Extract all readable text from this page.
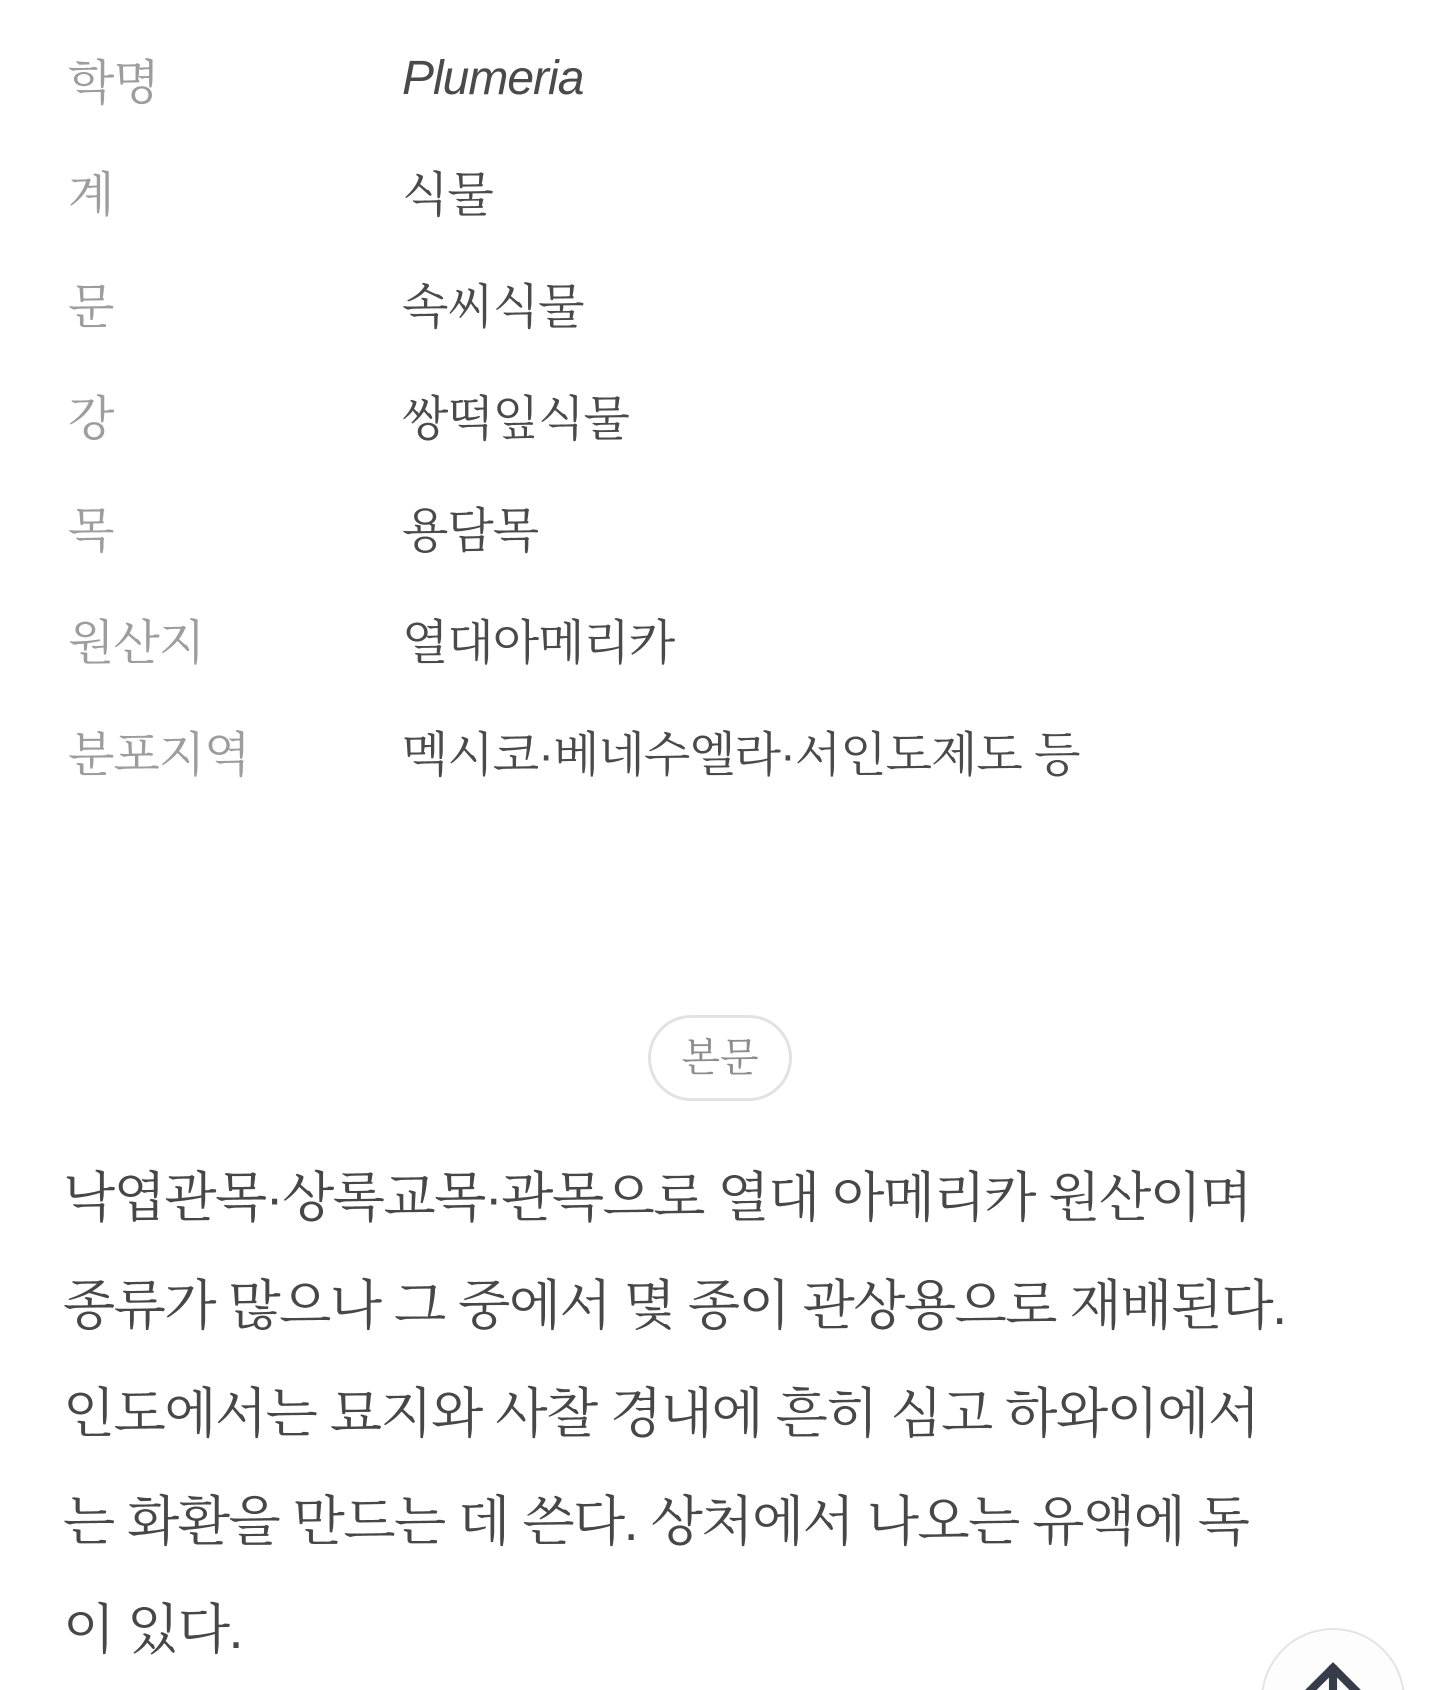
학명	Plumeria
계	식물
문	속씨식물
강	쌍떡잎식물
목	용담목
원산지	열대아메리카
분포지역	멕시코·베네수엘라·서인도제도 등
본문
낙엽관목·상록교목·관목으로 열대 아메리카 원산이며
종류가 많으나 그 중에서 몇 종이 관상용으로 재배된다.
인도에서는 묘지와 사찰 경내에 흔히 심고 하와이에서
는 화환을 만드는 데 쓴다. 상처에서 나오는 유액에 독
이 있다.
